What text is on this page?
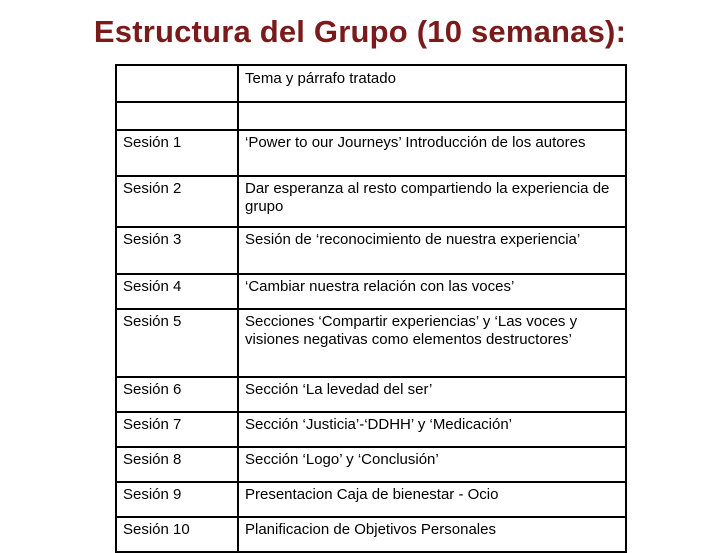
Estructura del Grupo (10 semanas):
	Tema y párrafo tratado

Sesión 1	‘Power to our Journeys’ Introducción de los autores
Sesión 2	Dar esperanza al resto compartiendo la experiencia de grupo
Sesión 3	Sesión de ‘reconocimiento de nuestra experiencia’
Sesión 4	‘Cambiar nuestra relación con las voces’
Sesión 5	Secciones ‘Compartir experiencias’ y ‘Las voces y visiones negativas como elementos destructores’
Sesión 6	Sección ‘La levedad del ser’
Sesión 7	Sección ‘Justicia’-‘DDHH’ y ‘Medicación’
Sesión 8	Sección ‘Logo’ y ‘Conclusión’
Sesión 9	Presentacion Caja de bienestar - Ocio
Sesión 10	Planificacion de Objetivos Personales
